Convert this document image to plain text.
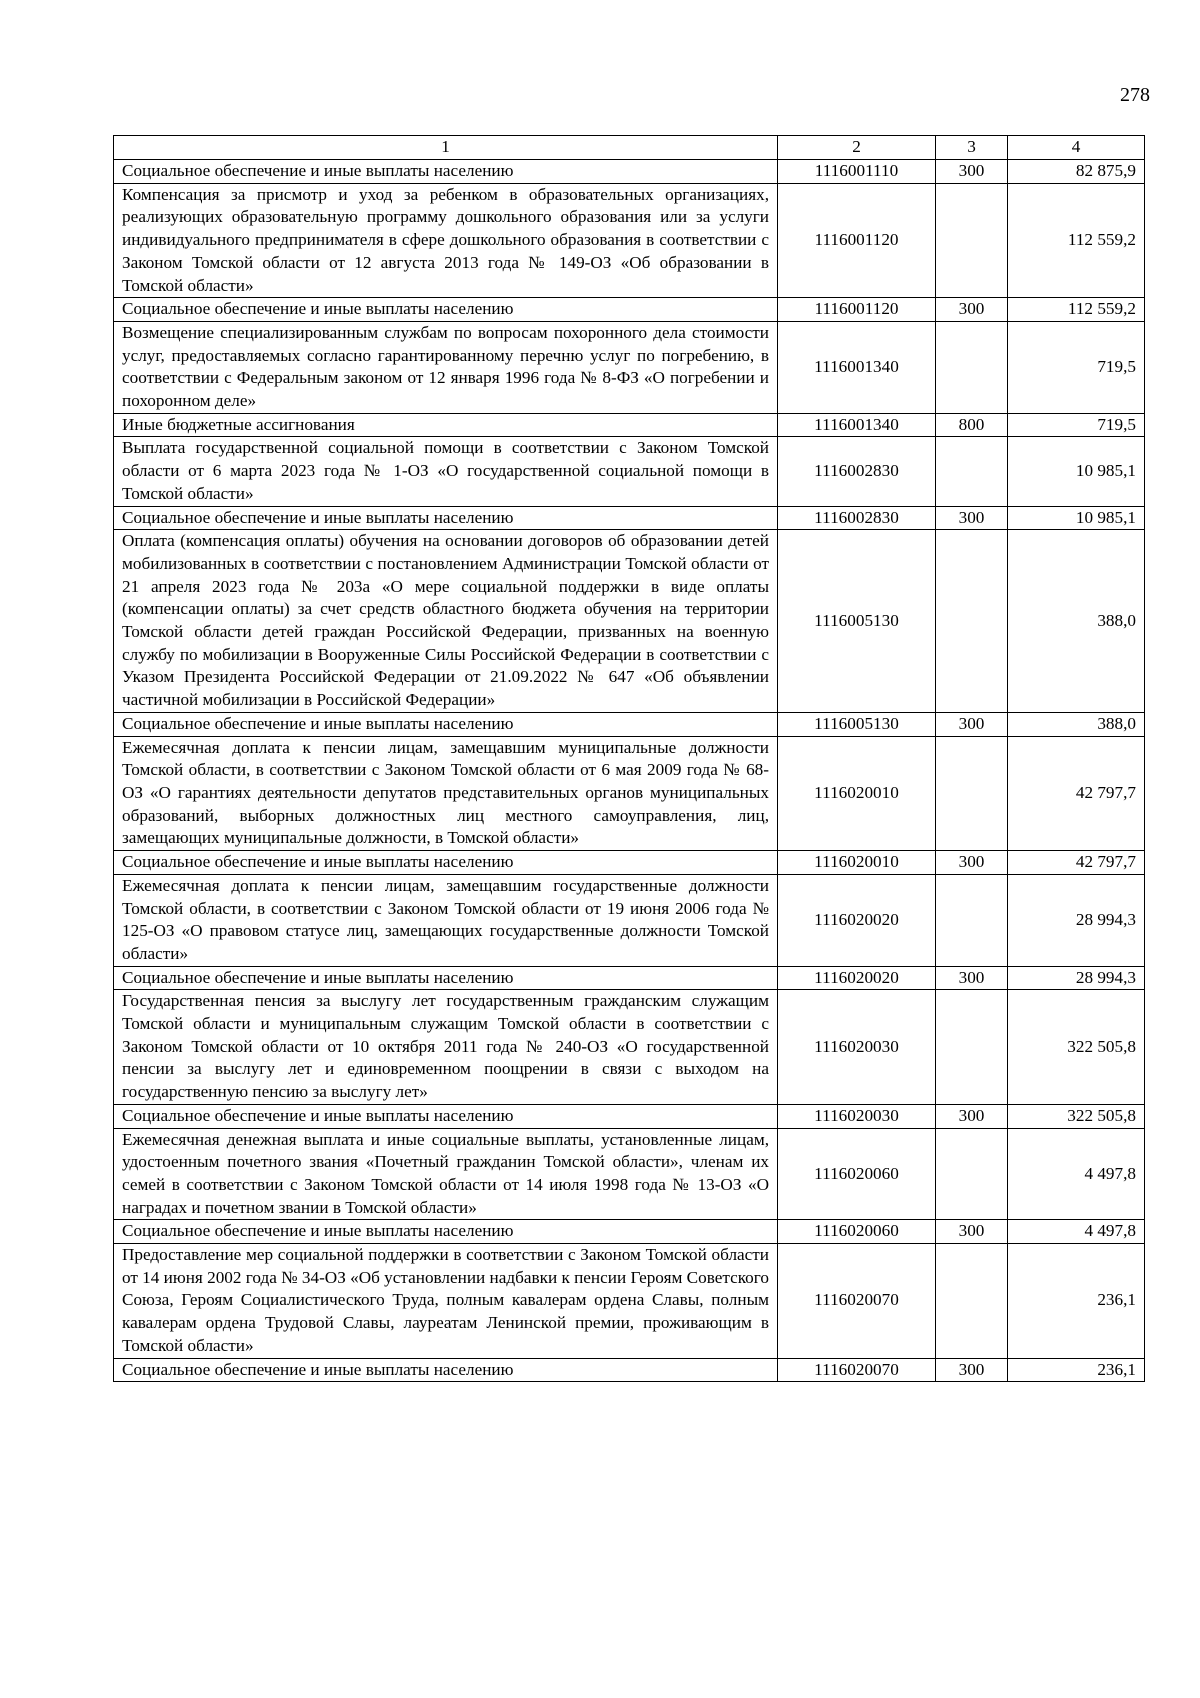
278
1	2	3	4
Социальное обеспечение и иные выплаты населению	1116001110	300	82 875,9
Компенсация за присмотр и уход за ребенком в образовательных организациях, реализующих образовательную программу дошкольного образования или за услуги индивидуального предпринимателя в сфере дошкольного образования в соответствии с Законом Томской области от 12 августа 2013 года № 149-ОЗ «Об образовании в Томской области»	1116001120		112 559,2
Социальное обеспечение и иные выплаты населению	1116001120	300	112 559,2
Возмещение специализированным службам по вопросам похоронного дела стоимости услуг, предоставляемых согласно гарантированному перечню услуг по погребению, в соответствии с Федеральным законом от 12 января 1996 года № 8-ФЗ «О погребении и похоронном деле»	1116001340		719,5
Иные бюджетные ассигнования	1116001340	800	719,5
Выплата государственной социальной помощи в соответствии с Законом Томской области от 6 марта 2023 года № 1-ОЗ «О государственной социальной помощи в Томской области»	1116002830		10 985,1
Социальное обеспечение и иные выплаты населению	1116002830	300	10 985,1
Оплата (компенсация оплаты) обучения на основании договоров об образовании детей мобилизованных в соответствии с постановлением Администрации Томской области от 21 апреля 2023 года № 203а «О мере социальной поддержки в виде оплаты (компенсации оплаты) за счет средств областного бюджета обучения на территории Томской области детей граждан Российской Федерации, призванных на военную службу по мобилизации в Вооруженные Силы Российской Федерации в соответствии с Указом Президента Российской Федерации от 21.09.2022 № 647 «Об объявлении частичной мобилизации в Российской Федерации»	1116005130		388,0
Социальное обеспечение и иные выплаты населению	1116005130	300	388,0
Ежемесячная доплата к пенсии лицам, замещавшим муниципальные должности Томской области, в соответствии с Законом Томской области от 6 мая 2009 года № 68-ОЗ «О гарантиях деятельности депутатов представительных органов муниципальных образований, выборных должностных лиц местного самоуправления, лиц, замещающих муниципальные должности, в Томской области»	1116020010		42 797,7
Социальное обеспечение и иные выплаты населению	1116020010	300	42 797,7
Ежемесячная доплата к пенсии лицам, замещавшим государственные должности Томской области, в соответствии с Законом Томской области от 19 июня 2006 года № 125-ОЗ «О правовом статусе лиц, замещающих государственные должности Томской области»	1116020020		28 994,3
Социальное обеспечение и иные выплаты населению	1116020020	300	28 994,3
Государственная пенсия за выслугу лет государственным гражданским служащим Томской области и муниципальным служащим Томской области в соответствии с Законом Томской области от 10 октября 2011 года № 240-ОЗ «О государственной пенсии за выслугу лет и единовременном поощрении в связи с выходом на государственную пенсию за выслугу лет»	1116020030		322 505,8
Социальное обеспечение и иные выплаты населению	1116020030	300	322 505,8
Ежемесячная денежная выплата и иные социальные выплаты, установленные лицам, удостоенным почетного звания «Почетный гражданин Томской области», членам их семей в соответствии с Законом Томской области от 14 июля 1998 года № 13-ОЗ «О наградах и почетном звании в Томской области»	1116020060		4 497,8
Социальное обеспечение и иные выплаты населению	1116020060	300	4 497,8
Предоставление мер социальной поддержки в соответствии с Законом Томской области от 14 июня 2002 года № 34-ОЗ «Об установлении надбавки к пенсии Героям Советского Союза, Героям Социалистического Труда, полным кавалерам ордена Славы, полным кавалерам ордена Трудовой Славы, лауреатам Ленинской премии, проживающим в Томской области»	1116020070		236,1
Социальное обеспечение и иные выплаты населению	1116020070	300	236,1
